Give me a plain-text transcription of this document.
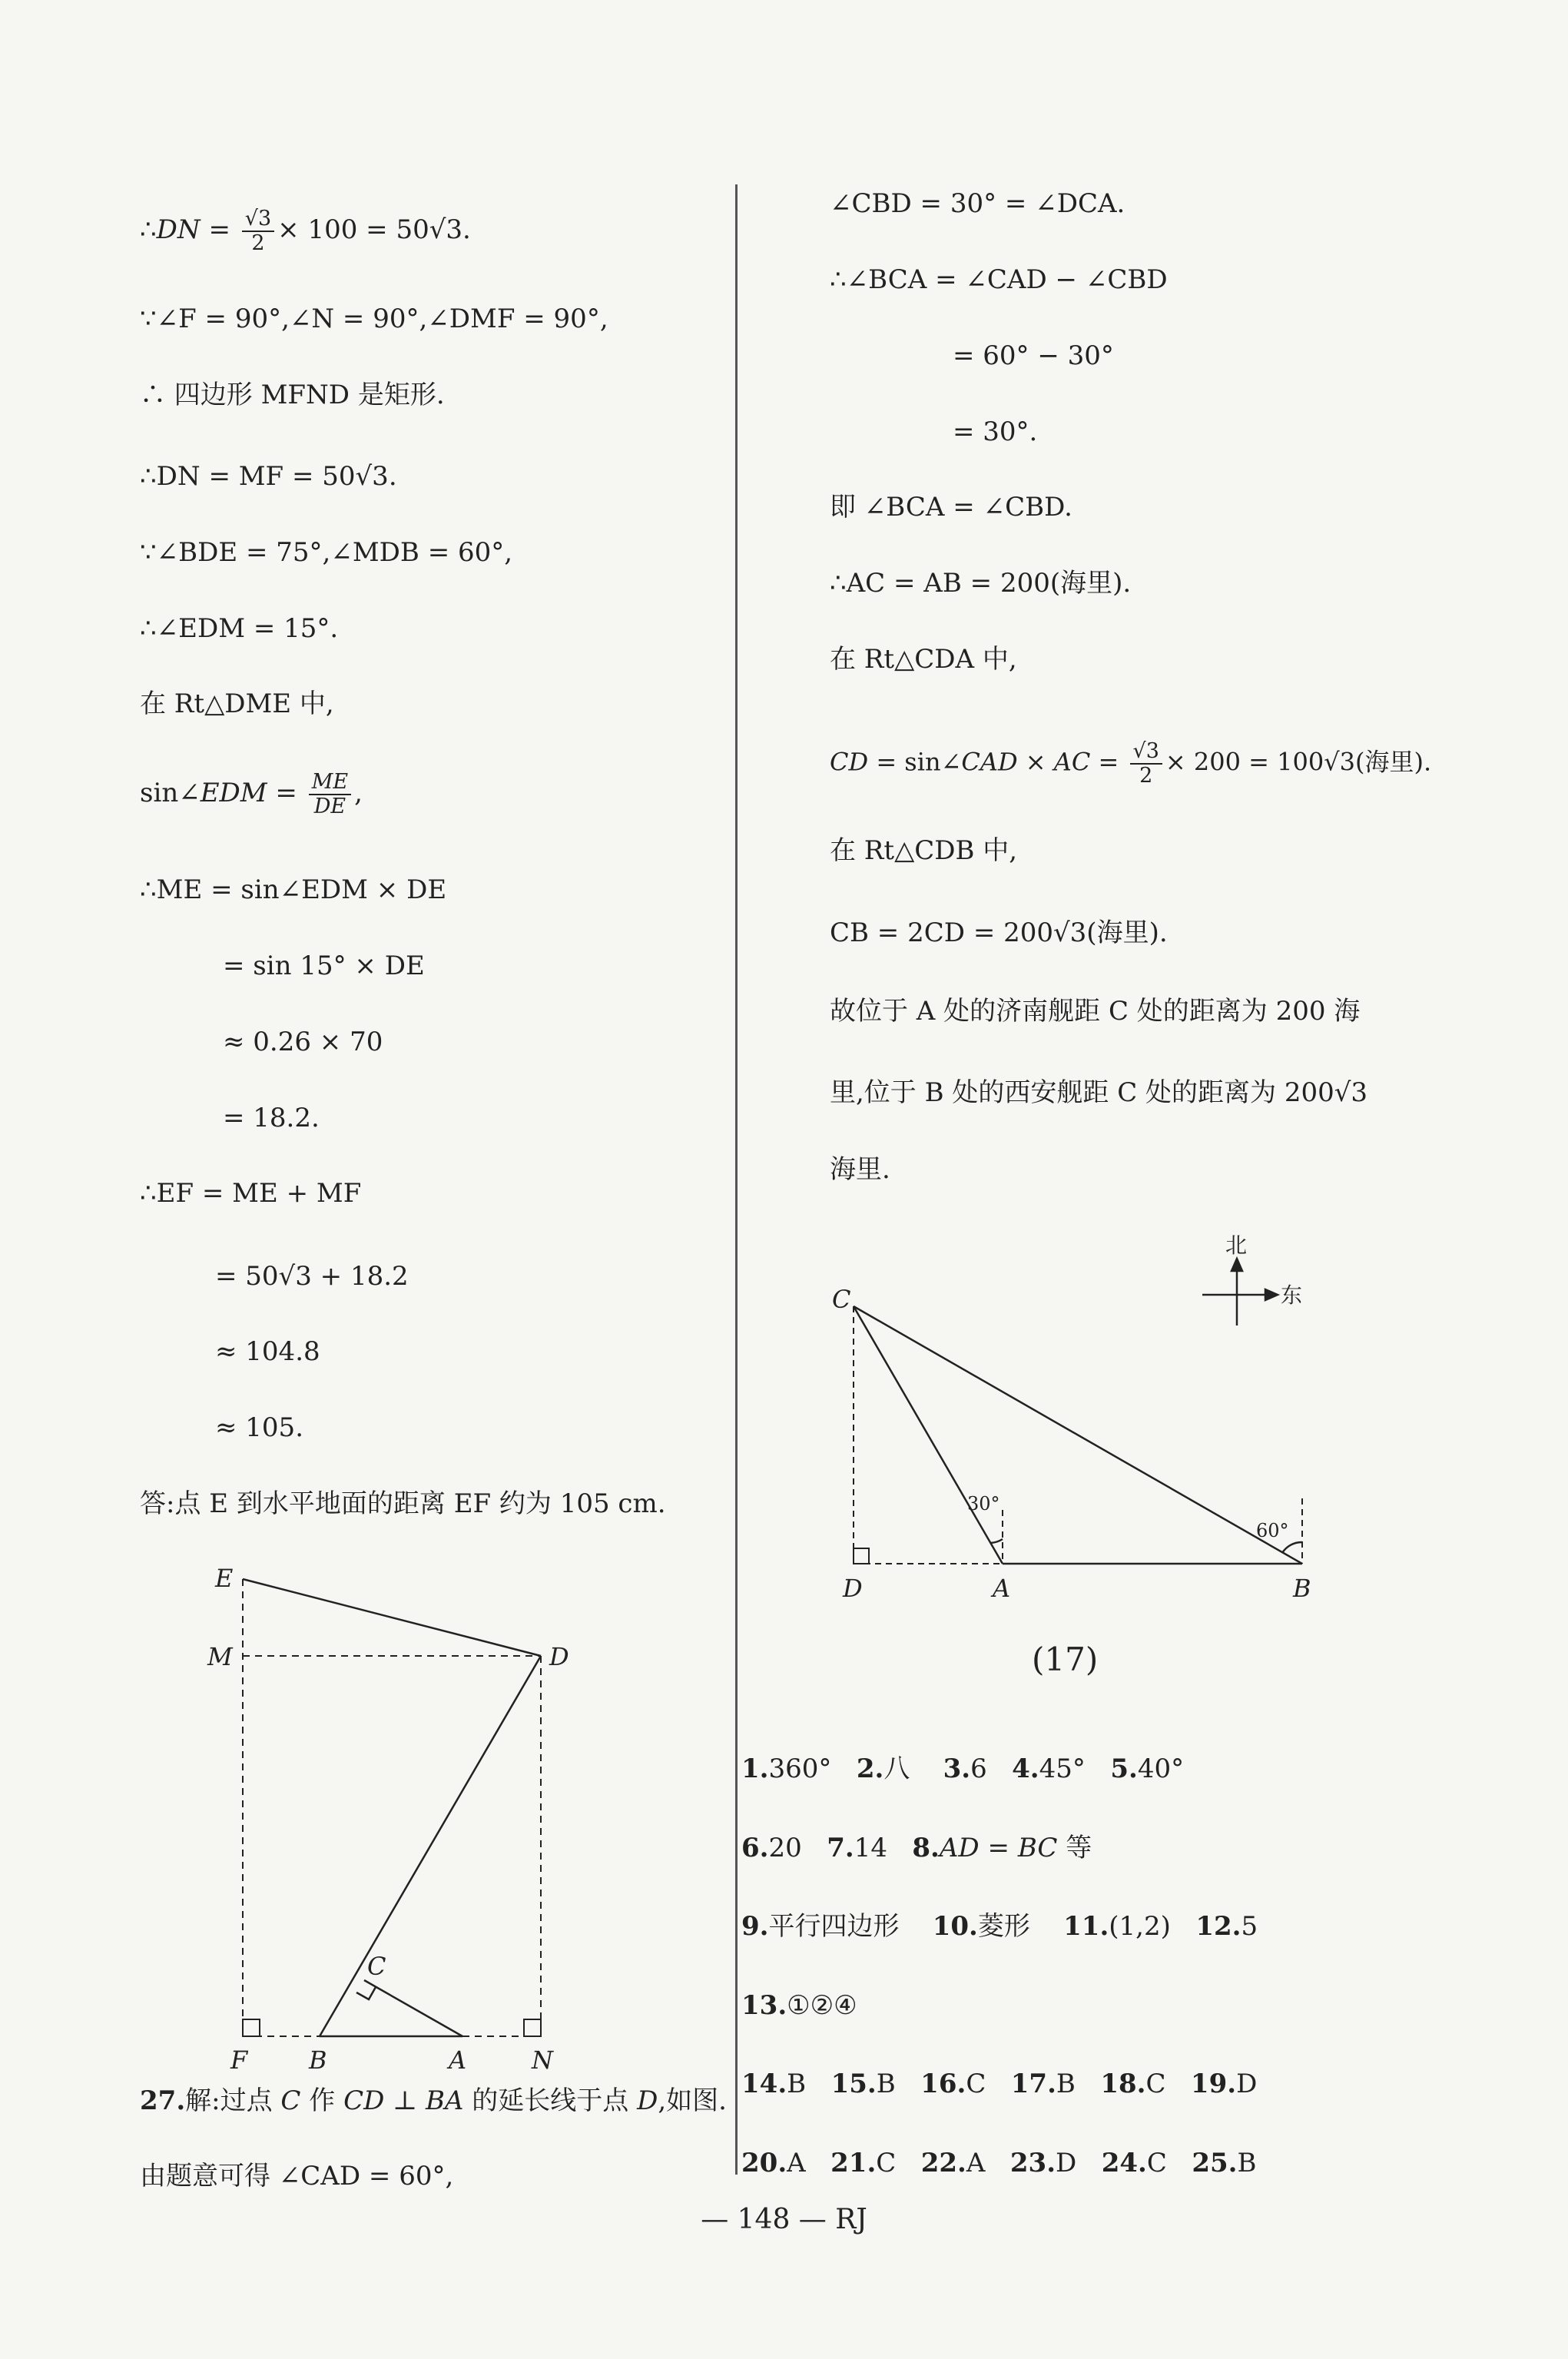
∴DN = $\frac{√3}{2} \times 100 = 50√3$.
∵∠F = 90°,∠N = 90°,∠DMF = 90°,
∴ 四边形 MFND 是矩形.
∴DN = MF = 50√3.
∵∠BDE = 75°,∠MDB = 60°,
∴∠EDM = 15°.
在 Rt△DME 中,
sin∠EDM = $\frac{ME}{DE}$ ,
∴ME = sin∠EDM × DE
= sin 15° × DE
≈ 0.26 × 70
= 18.2.
∴EF = ME + MF
= 50√3 + 18.2
≈ 104.8
≈ 105.
答:点 E 到水平地面的距离 EF 约为 105 cm.
E
M	D
C
F B	A	N
27.解:过点 C 作 CD ⊥ BA 的延长线于点 D,如图.
由题意可得 ∠CAD = 60°,
∠CBD = 30° = ∠DCA.
∴∠BCA = ∠CAD − ∠CBD
= 60° − 30°
= 30°.
即 ∠BCA = ∠CBD.
∴AC = AB = 200(海里).
在 Rt△CDA 中,
CD = sin∠CAD × AC = $\frac{√3}{2} \times 200 = 100√3$(海里).
在 Rt△CDB 中,
CB = 2CD = 200√3(海里).
故位于 A 处的济南舰距 C 处的距离为 200 海
里,位于 B 处的西安舰距 C 处的距离为 200√3
海里.
北
东
30°
60°
C
D	A	B
(17)
1.360°   2.八    3.6   4.45°   5.40°
6.20   7.14   8.AD = BC 等
9.平行四边形    10.菱形    11.(1,2)   12.5
13.①②④
14.B   15.B   16.C   17.B   18.C   19.D
20.A   21.C   22.A   23.D   24.C   25.B
— 148 — RJ
